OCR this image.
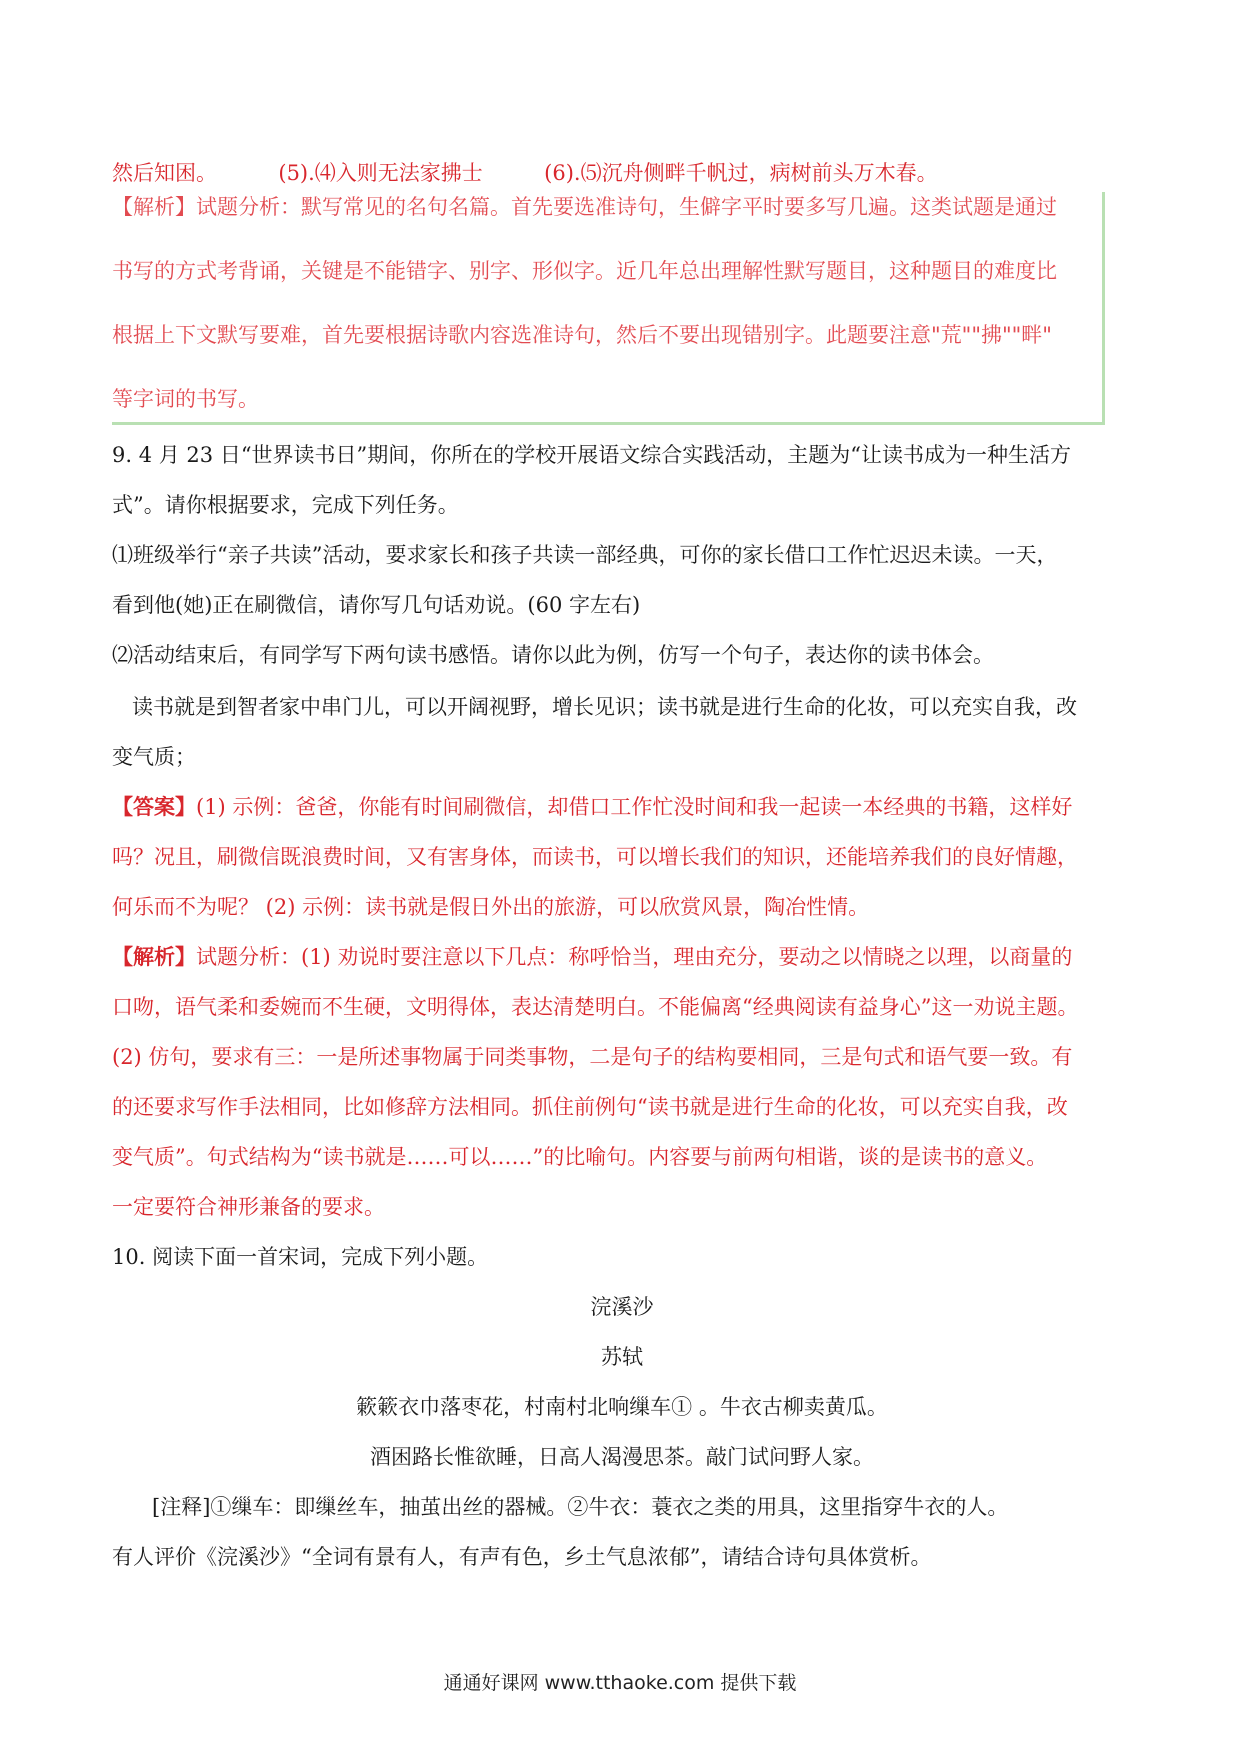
然后知困。	(5).⑷入则无法家拂士	(6).⑸沉舟侧畔千帆过，病树前头万木春。
【解析】试题分析：默写常见的名句名篇。首先要选准诗句，生僻字平时要多写几遍。这类试题是通过
书写的方式考背诵，关键是不能错字、别字、形似字。近几年总出理解性默写题目，这种题目的难度比
根据上下文默写要难，首先要根据诗歌内容选准诗句，然后不要出现错别字。此题要注意"荒""拂""畔"
等字词的书写。
9. 4 月 23 日“世界读书日”期间，你所在的学校开展语文综合实践活动，主题为“让读书成为一种生活方
式”。请你根据要求，完成下列任务。
⑴班级举行“亲子共读”活动，要求家长和孩子共读一部经典，可你的家长借口工作忙迟迟未读。一天，
看到他(她)正在刷微信，请你写几句话劝说。(60 字左右)
⑵活动结束后，有同学写下两句读书感悟。请你以此为例，仿写一个句子，表达你的读书体会。
读书就是到智者家中串门儿，可以开阔视野，增长见识；读书就是进行生命的化妆，可以充实自我，改
变气质；
【答案】(1) 示例：爸爸，你能有时间刷微信，却借口工作忙没时间和我一起读一本经典的书籍，这样好
吗？况且，刷微信既浪费时间，又有害身体，而读书，可以增长我们的知识，还能培养我们的良好情趣，
何乐而不为呢？ (2) 示例：读书就是假日外出的旅游，可以欣赏风景，陶冶性情。
【解析】试题分析：(1) 劝说时要注意以下几点：称呼恰当，理由充分，要动之以情晓之以理，以商量的
口吻，语气柔和委婉而不生硬，文明得体，表达清楚明白。不能偏离“经典阅读有益身心”这一劝说主题。
(2) 仿句，要求有三：一是所述事物属于同类事物，二是句子的结构要相同，三是句式和语气要一致。有
的还要求写作手法相同，比如修辞方法相同。抓住前例句“读书就是进行生命的化妆，可以充实自我，改
变气质”。句式结构为“读书就是……可以……”的比喻句。内容要与前两句相谐，谈的是读书的意义。
一定要符合神形兼备的要求。
10. 阅读下面一首宋词，完成下列小题。
浣溪沙
苏轼
簌簌衣巾落枣花，村南村北响缫车① 。牛衣古柳卖黄瓜。
酒困路长惟欲睡，日高人渴漫思茶。敲门试问野人家。
[注释]①缫车：即缫丝车，抽茧出丝的器械。②牛衣：蓑衣之类的用具，这里指穿牛衣的人。
有人评价《浣溪沙》“全词有景有人，有声有色，乡土气息浓郁”，请结合诗句具体赏析。
通通好课网 www.tthaoke.com 提供下载
